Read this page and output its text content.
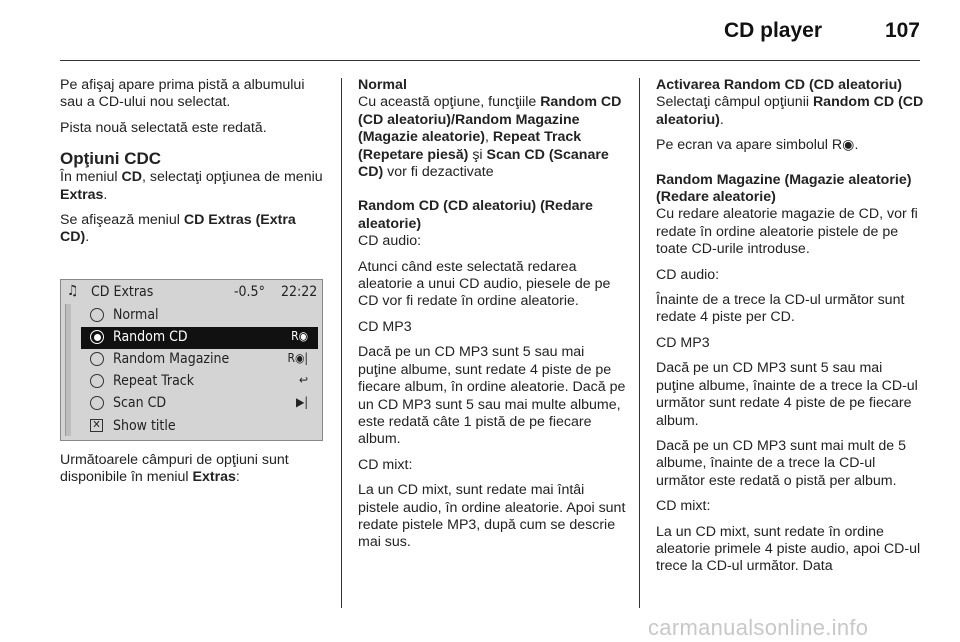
CD player	107

Pe afişaj apare prima pistă a albumului sau a CD-ului nou selectat.

Pista nouă selectată este redată.

Opţiuni CDC

În meniul CD, selectaţi opţiunea de meniu Extras.

Se afişează meniul CD Extras (Extra CD).

♫ CD Extras	-0.5° 22:22
Normal
Random CD	R◉
Random Magazine	R◉|
Repeat Track	↩
Scan CD	▶|
✕ Show title

Următoarele câmpuri de opţiuni sunt disponibile în meniul Extras:

Normal

Cu această opţiune, funcţiile Random CD (CD aleatoriu)/Random Magazine (Magazie aleatorie), Repeat Track (Repetare piesă) şi Scan CD (Scanare CD) vor fi dezactivate

Random CD (CD aleatoriu) (Redare aleatorie)

CD audio:

Atunci când este selectată redarea aleatorie a unui CD audio, piesele de pe CD vor fi redate în ordine aleatorie.

CD MP3

Dacă pe un CD MP3 sunt 5 sau mai puţine albume, sunt redate 4 piste de pe fiecare album, în ordine aleatorie. Dacă pe un CD MP3 sunt 5 sau mai multe albume, este redată câte 1 pistă de pe fiecare album.

CD mixt:

La un CD mixt, sunt redate mai întâi pistele audio, în ordine aleatorie. Apoi sunt redate pistele MP3, după cum se descrie mai sus.

Activarea Random CD (CD aleatoriu)

Selectaţi câmpul opţiunii Random CD (CD aleatoriu).

Pe ecran va apare simbolul R◉.

Random Magazine (Magazie aleatorie) (Redare aleatorie)

Cu redare aleatorie magazie de CD, vor fi redate în ordine aleatorie pistele de pe toate CD-urile introduse.

CD audio:

Înainte de a trece la CD-ul următor sunt redate 4 piste per CD.

CD MP3

Dacă pe un CD MP3 sunt 5 sau mai puţine albume, înainte de a trece la CD-ul următor sunt redate 4 piste de pe fiecare album.

Dacă pe un CD MP3 sunt mai mult de 5 albume, înainte de a trece la CD-ul următor este redată o pistă per album.

CD mixt:

La un CD mixt, sunt redate în ordine aleatorie primele 4 piste audio, apoi CD-ul trece la CD-ul următor. Data

carmanualsonline.info
